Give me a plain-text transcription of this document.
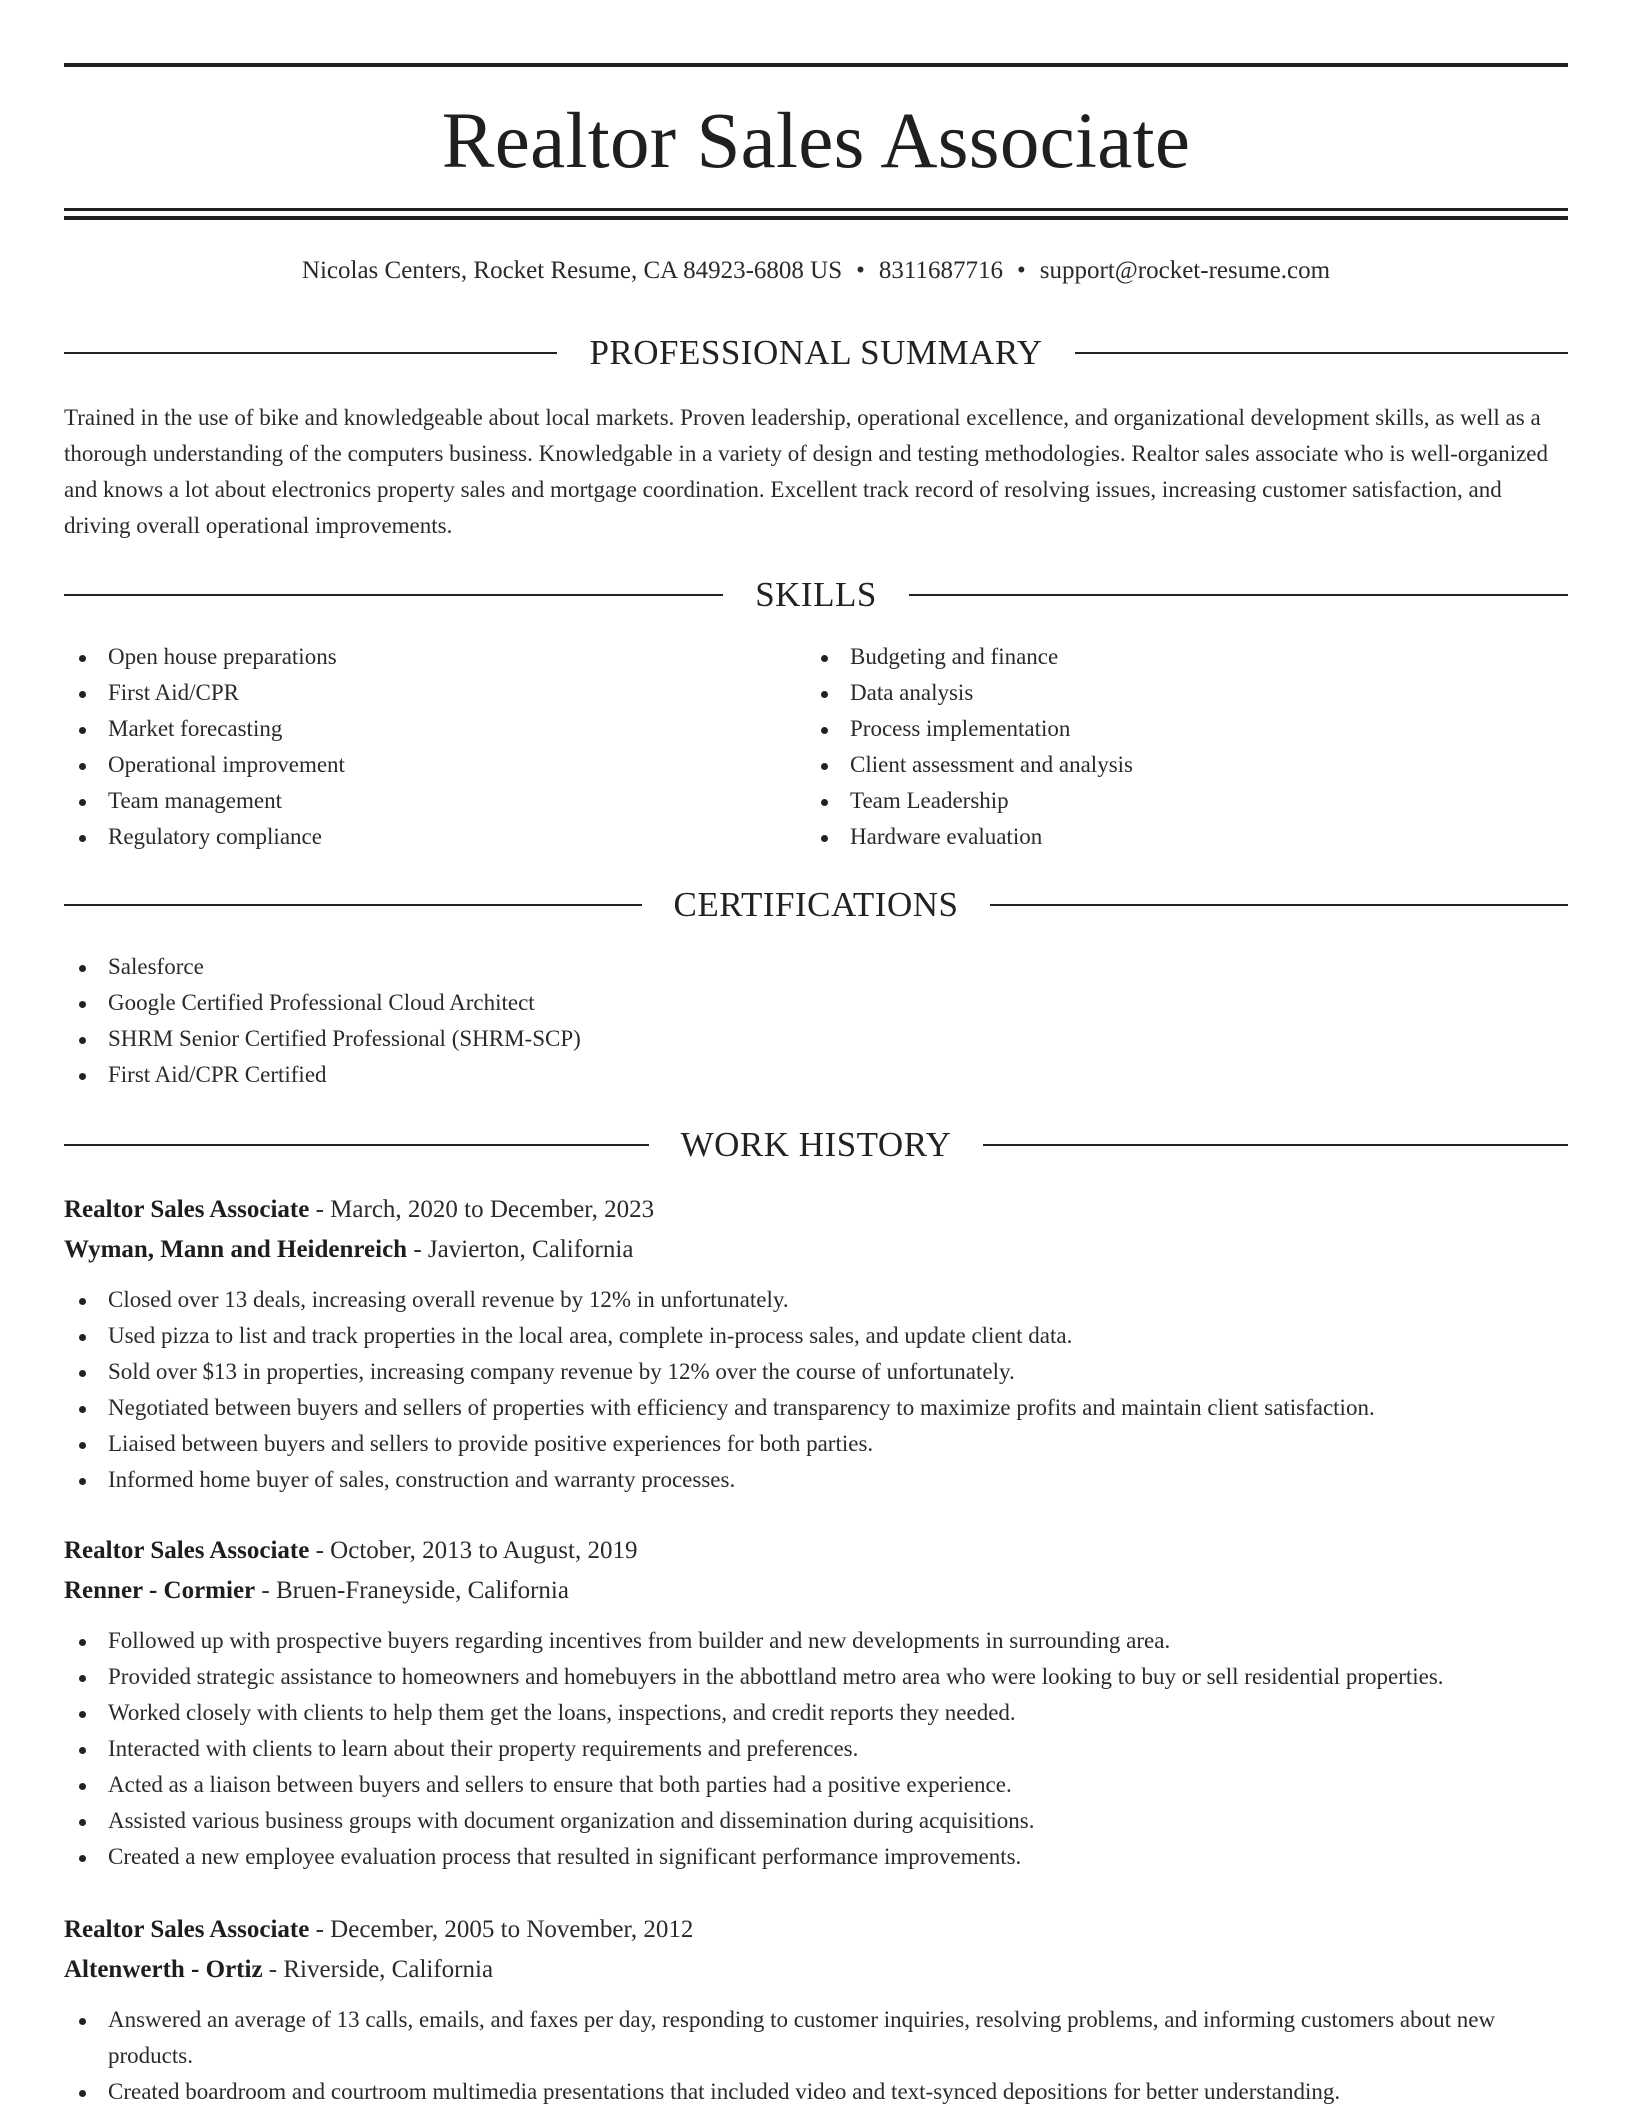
Realtor Sales Associate
Nicolas Centers, Rocket Resume, CA 84923-6808 US • 8311687716 • support@rocket-resume.com
PROFESSIONAL SUMMARY

Trained in the use of bike and knowledgeable about local markets. Proven leadership, operational excellence, and organizational development skills, as well as a thorough understanding of the computers business. Knowledgable in a variety of design and testing methodologies. Realtor sales associate who is well-organized and knows a lot about electronics property sales and mortgage coordination. Excellent track record of resolving issues, increasing customer satisfaction, and driving overall operational improvements.

SKILLS
Open house preparations
First Aid/CPR
Market forecasting
Operational improvement
Team management
Regulatory compliance
Budgeting and finance
Data analysis
Process implementation
Client assessment and analysis
Team Leadership
Hardware evaluation
CERTIFICATIONS
Salesforce
Google Certified Professional Cloud Architect
SHRM Senior Certified Professional (SHRM-SCP)
First Aid/CPR Certified
WORK HISTORY
Realtor Sales Associate - March, 2020 to December, 2023
Wyman, Mann and Heidenreich - Javierton, California
Closed over 13 deals, increasing overall revenue by 12% in unfortunately.
Used pizza to list and track properties in the local area, complete in-process sales, and update client data.
Sold over $13 in properties, increasing company revenue by 12% over the course of unfortunately.
Negotiated between buyers and sellers of properties with efficiency and transparency to maximize profits and maintain client satisfaction.
Liaised between buyers and sellers to provide positive experiences for both parties.
Informed home buyer of sales, construction and warranty processes.
Realtor Sales Associate - October, 2013 to August, 2019
Renner - Cormier - Bruen-Franeyside, California
Followed up with prospective buyers regarding incentives from builder and new developments in surrounding area.
Provided strategic assistance to homeowners and homebuyers in the abbottland metro area who were looking to buy or sell residential properties.
Worked closely with clients to help them get the loans, inspections, and credit reports they needed.
Interacted with clients to learn about their property requirements and preferences.
Acted as a liaison between buyers and sellers to ensure that both parties had a positive experience.
Assisted various business groups with document organization and dissemination during acquisitions.
Created a new employee evaluation process that resulted in significant performance improvements.
Realtor Sales Associate - December, 2005 to November, 2012
Altenwerth - Ortiz - Riverside, California
Answered an average of 13 calls, emails, and faxes per day, responding to customer inquiries, resolving problems, and informing customers about new products.
Created boardroom and courtroom multimedia presentations that included video and text-synced depositions for better understanding.
